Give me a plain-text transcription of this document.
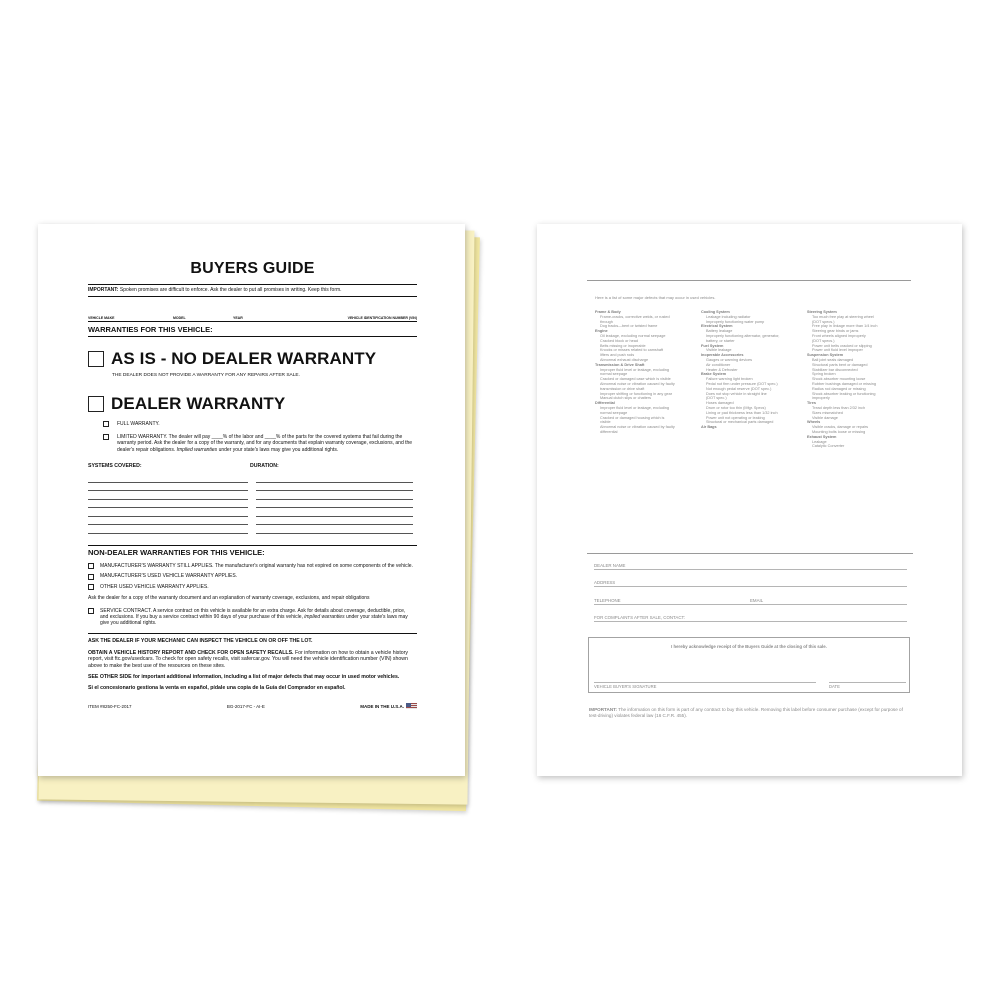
BUYERS GUIDE
IMPORTANT: Spoken promises are difficult to enforce. Ask the dealer to put all promises in writing. Keep this form.
VEHICLE MAKE	MODEL	YEAR	VEHICLE IDENTIFICATION NUMBER (VIN)
WARRANTIES FOR THIS VEHICLE:
AS IS - NO DEALER WARRANTY
THE DEALER DOES NOT PROVIDE A WARRANTY FOR ANY REPAIRS AFTER SALE.
DEALER WARRANTY
FULL WARRANTY.
LIMITED WARRANTY. The dealer will pay ____% of the labor and ____% of the parts for the covered systems that fail during the warranty period. Ask the dealer for a copy of the warranty, and for any documents that explain warranty coverage, exclusions, and the dealer's repair obligations. Implied warranties under your state's laws may give you additional rights.
SYSTEMS COVERED:	DURATION:
NON-DEALER WARRANTIES FOR THIS VEHICLE:
MANUFACTURER'S WARRANTY STILL APPLIES. The manufacturer's original warranty has not expired on some components of the vehicle.
MANUFACTURER'S USED VEHICLE WARRANTY APPLIES.
OTHER USED VEHICLE WARRANTY APPLIES.
Ask the dealer for a copy of the warranty document and an explanation of warranty coverage, exclusions, and repair obligations
SERVICE CONTRACT. A service contract on this vehicle is available for an extra charge. Ask for details about coverage, deductible, price, and exclusions. If you buy a service contract within 90 days of your purchase of this vehicle, implied warranties under your state's laws may give you additional rights.
ASK THE DEALER IF YOUR MECHANIC CAN INSPECT THE VEHICLE ON OR OFF THE LOT.
OBTAIN A VEHICLE HISTORY REPORT AND CHECK FOR OPEN SAFETY RECALLS. For information on how to obtain a vehicle history report, visit ftc.gov/usedcars. To check for open safety recalls, visit safercar.gov. You will need the vehicle identification number (VIN) shown above to make the best use of the resources on these sites.
SEE OTHER SIDE for important additional information, including a list of major defects that may occur in used motor vehicles.
Si el concesionario gestiona la venta en español, pídale una copia de la Guía del Comprador en español.
ITEM #8250-FC-2017	BG-2017-FC - AI-E	MADE IN THE U.S.A.
Here is a list of some major defects that may occur in used vehicles.
Frame & Body
Frame-cracks, corrective welds, or rusted
through
Dog tracks—bent or twisted frame
Engine
Oil leakage, excluding normal seepage
Cracked block or head
Belts missing or inoperable
Knocks or misses related to camshaft
lifters and push rods
Abnormal exhaust discharge
Transmission & Drive Shaft
Improper fluid level or leakage, excluding
normal seepage
Cracked or damaged case which is visible
Abnormal noise or vibration caused by faulty
transmission or drive shaft
Improper shifting or functioning in any gear
Manual clutch slips or chatters
Differential
Improper fluid level or leakage, excluding
normal seepage
Cracked or damaged housing which is
visible
Abnormal noise or vibration caused by faulty
differential
Cooling System
Leakage including radiator
Improperly functioning water pump
Electrical System
Battery leakage
Improperly functioning alternator, generator,
battery, or starter
Fuel System
Visible leakage
Inoperable Accessories
Gauges or warning devices
Air conditioner
Heater & Defroster
Brake System
Failure warning light broken
Pedal not firm under pressure (DOT spec.)
Not enough pedal reserve (DOT spec.)
Does not stop vehicle in straight line
(DOT spec.)
Hoses damaged
Drum or rotor too thin (Mfgr. Specs)
Lining or pad thickness less than 1/32 inch
Power unit not operating or leaking
Structural or mechanical parts damaged
Air Bags
Steering System
Too much free play at steering wheel
(DOT specs.)
Free play in linkage more than 1/4 inch
Steering gear binds or jams
Front wheels aligned improperly
(DOT specs.)
Power unit belts cracked or slipping
Power unit fluid level improper
Suspension System
Ball joint seals damaged
Structural parts bent or damaged
Stabilizer bar disconnected
Spring broken
Shock absorber mounting loose
Rubber bushings damaged or missing
Radius rod damaged or missing
Shock absorber leaking or functioning
improperly
Tires
Tread depth less than 2/32 inch
Sizes mismatched
Visible damage
Wheels
Visible cracks, damage or repairs
Mounting bolts loose or missing
Exhaust System
Leakage
Catalytic Converter
DEALER NAME
ADDRESS
TELEPHONE	EMAIL
FOR COMPLAINTS AFTER SALE, CONTACT:
I hereby acknowledge receipt of the Buyers Guide at the closing of this sale.
VEHICLE BUYER'S SIGNATURE	DATE
IMPORTANT: The information on this form is part of any contract to buy this vehicle. Removing this label before consumer purchase (except for purpose of test-driving) violates federal law (16 C.F.R. 455).
